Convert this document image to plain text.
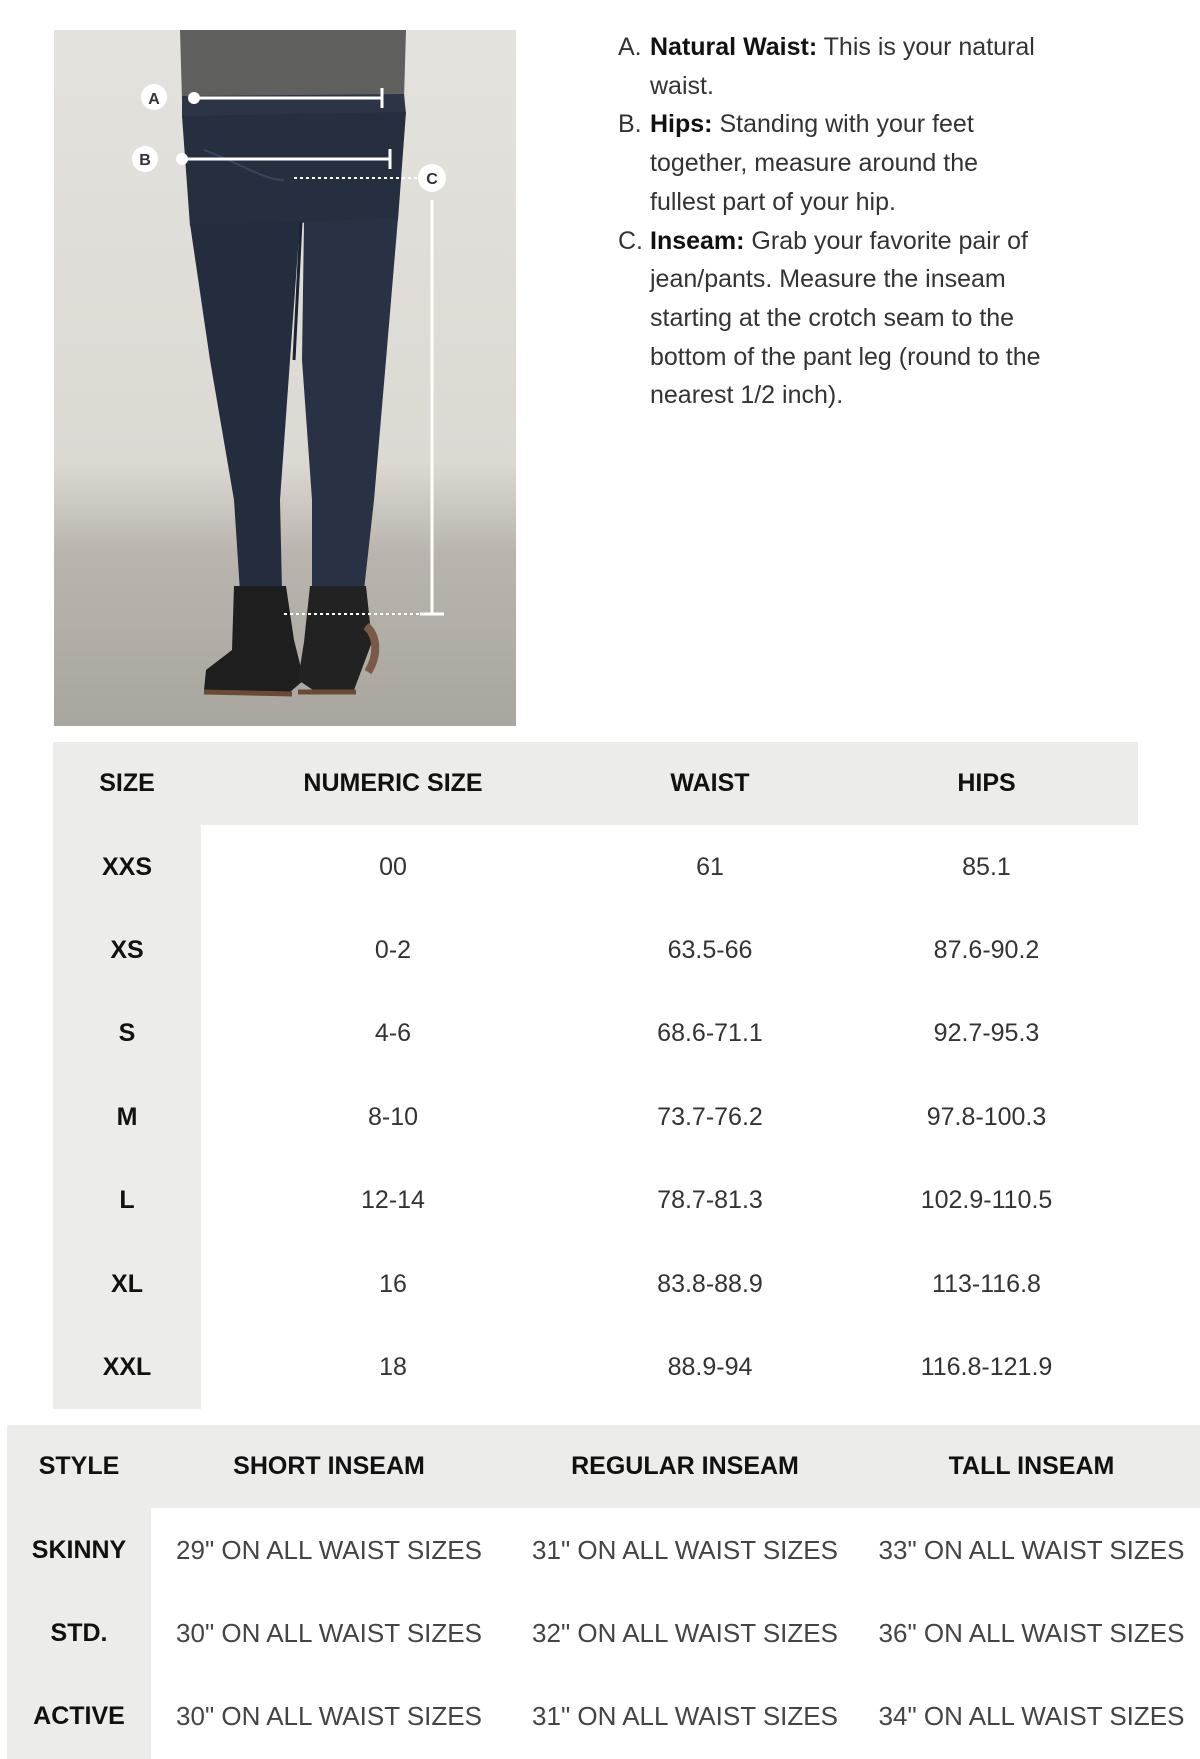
A
B
C
A. Natural Waist: This is your natural waist.
B. Hips: Standing with your feet together, measure around the fullest part of your hip.
C. Inseam: Grab your favorite pair of jean/pants. Measure the inseam starting at the crotch seam to the bottom of the pant leg (round to the nearest 1/2 inch).
SIZE	NUMERIC SIZE	WAIST	HIPS
XXS	00	61	85.1
XS	0-2	63.5-66	87.6-90.2
S	4-6	68.6-71.1	92.7-95.3
M	8-10	73.7-76.2	97.8-100.3
L	12-14	78.7-81.3	102.9-110.5
XL	16	83.8-88.9	113-116.8
XXL	18	88.9-94	116.8-121.9
STYLE	SHORT INSEAM	REGULAR INSEAM	TALL INSEAM
SKINNY	29" ON ALL WAIST SIZES	31" ON ALL WAIST SIZES	33" ON ALL WAIST SIZES
STD.	30" ON ALL WAIST SIZES	32" ON ALL WAIST SIZES	36" ON ALL WAIST SIZES
ACTIVE	30" ON ALL WAIST SIZES	31" ON ALL WAIST SIZES	34" ON ALL WAIST SIZES
